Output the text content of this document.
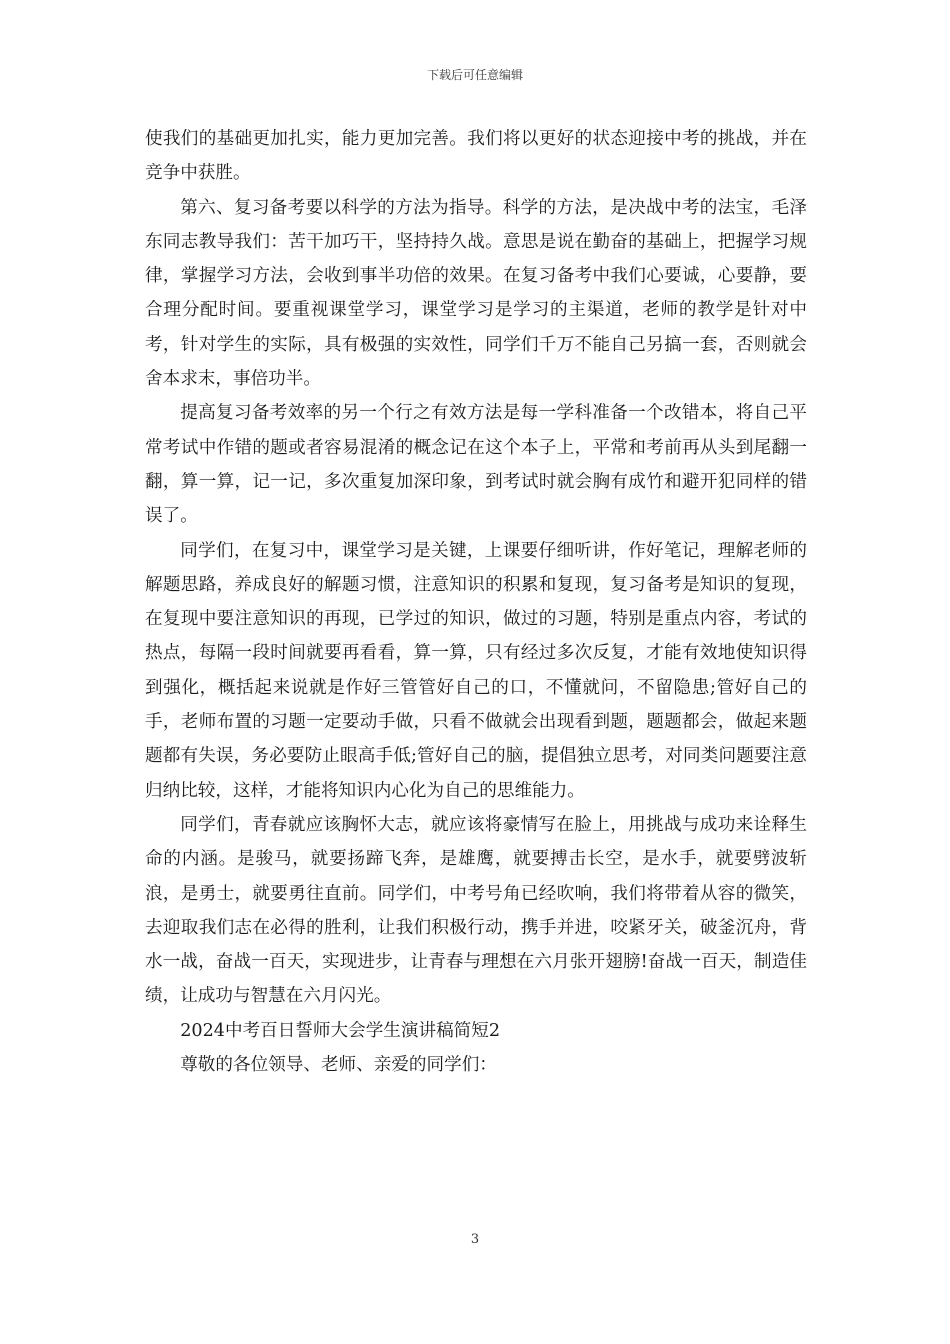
下载后可任意编辑

使我们的基础更加扎实，能力更加完善。我们将以更好的状态迎接中考的挑战，并在竞争中获胜。

第六、复习备考要以科学的方法为指导。科学的方法，是决战中考的法宝，毛泽东同志教导我们：苦干加巧干，坚持持久战。意思是说在勤奋的基础上，把握学习规律，掌握学习方法，会收到事半功倍的效果。在复习备考中我们心要诚，心要静，要合理分配时间。要重视课堂学习，课堂学习是学习的主渠道，老师的教学是针对中考，针对学生的实际，具有极强的实效性，同学们千万不能自己另搞一套，否则就会舍本求末，事倍功半。

提高复习备考效率的另一个行之有效方法是每一学科准备一个改错本，将自己平常考试中作错的题或者容易混淆的概念记在这个本子上，平常和考前再从头到尾翻一翻，算一算，记一记，多次重复加深印象，到考试时就会胸有成竹和避开犯同样的错误了。

同学们，在复习中，课堂学习是关键，上课要仔细听讲，作好笔记，理解老师的解题思路，养成良好的解题习惯，注意知识的积累和复现，复习备考是知识的复现，在复现中要注意知识的再现，已学过的知识，做过的习题，特别是重点内容，考试的热点，每隔一段时间就要再看看，算一算，只有经过多次反复，才能有效地使知识得到强化，概括起来说就是作好三管管好自己的口，不懂就问，不留隐患;管好自己的手，老师布置的习题一定要动手做，只看不做就会出现看到题，题题都会，做起来题题都有失误，务必要防止眼高手低;管好自己的脑，提倡独立思考，对同类问题要注意归纳比较，这样，才能将知识内心化为自己的思维能力。

同学们，青春就应该胸怀大志，就应该将豪情写在脸上，用挑战与成功来诠释生命的内涵。是骏马，就要扬蹄飞奔，是雄鹰，就要搏击长空，是水手，就要劈波斩浪，是勇士，就要勇往直前。同学们，中考号角已经吹响，我们将带着从容的微笑，去迎取我们志在必得的胜利，让我们积极行动，携手并进，咬紧牙关，破釜沉舟，背水一战，奋战一百天，实现进步，让青春与理想在六月张开翅膀!奋战一百天，制造佳绩，让成功与智慧在六月闪光。

2024中考百日誓师大会学生演讲稿简短2

尊敬的各位领导、老师、亲爱的同学们：

3
